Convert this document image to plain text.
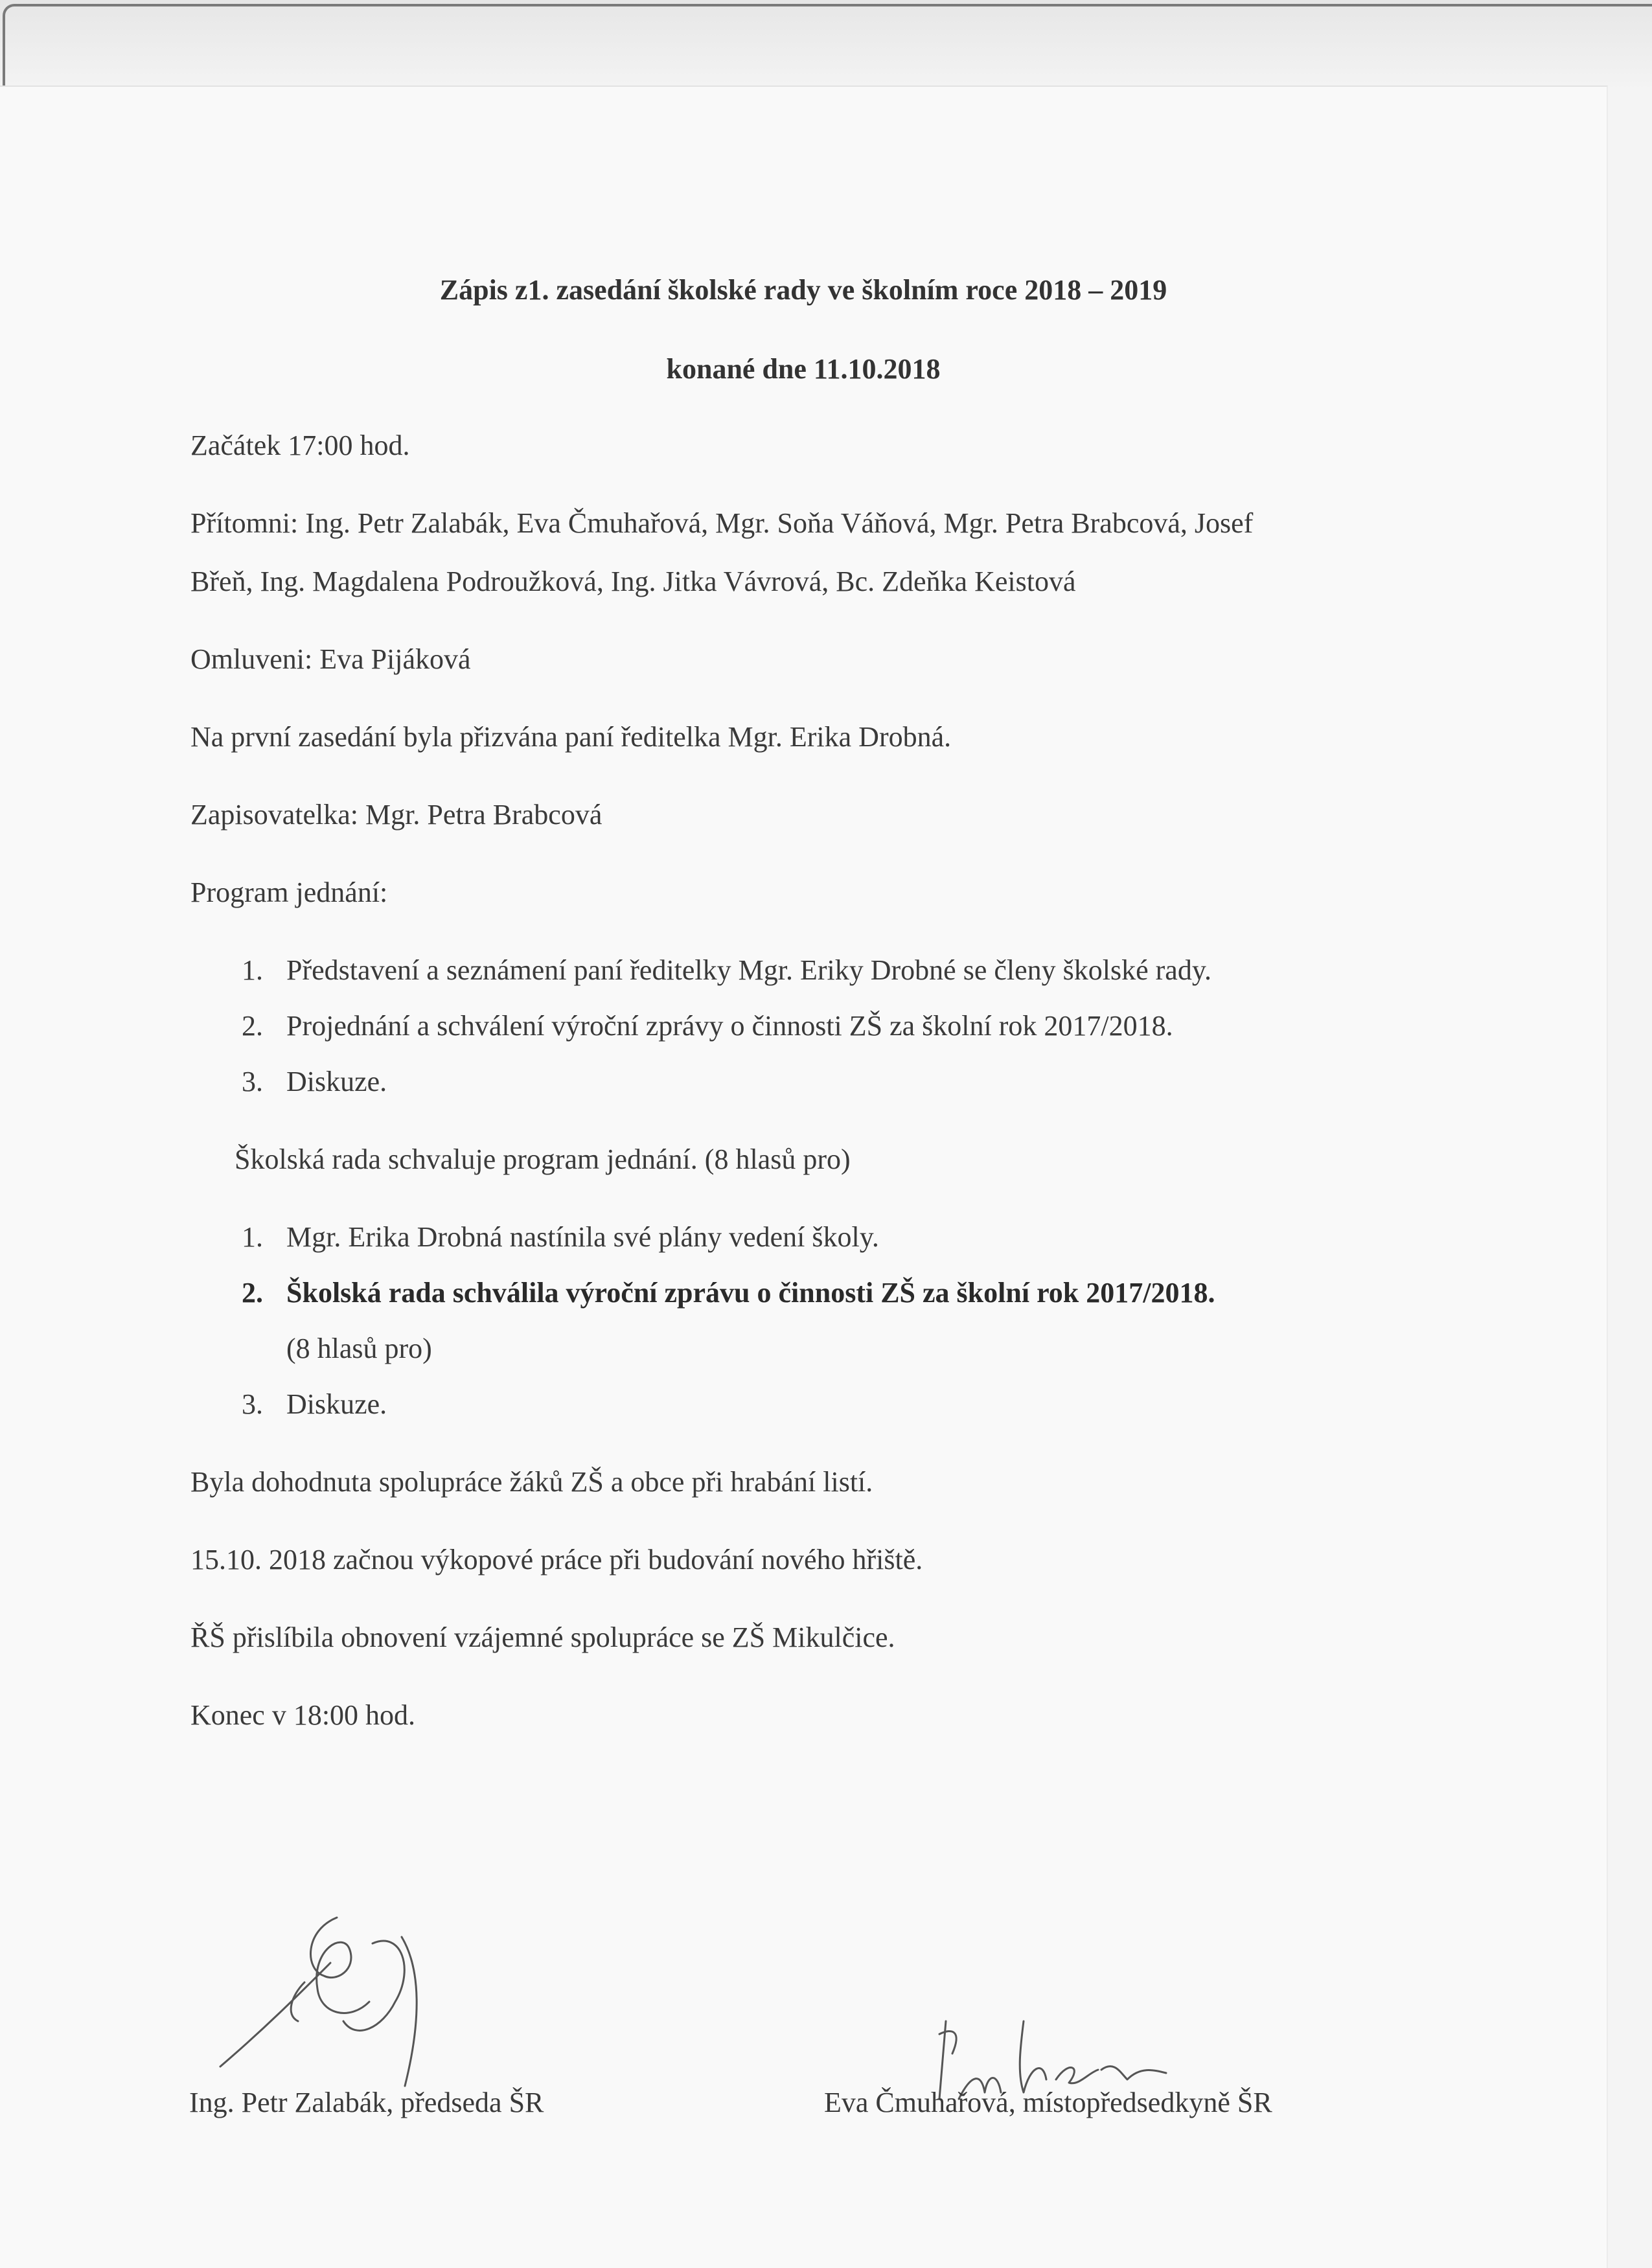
Zápis z1. zasedání školské rady ve školním roce 2018 – 2019
konané dne 11.10.2018
Začátek 17:00 hod.
Přítomni: Ing. Petr Zalabák, Eva Čmuhařová, Mgr. Soňa Váňová, Mgr. Petra Brabcová, Josef
Břeň, Ing. Magdalena Podroužková, Ing. Jitka Vávrová, Bc. Zdeňka Keistová
Omluveni: Eva Pijáková
Na první zasedání byla přizvána paní ředitelka Mgr. Erika Drobná.
Zapisovatelka: Mgr. Petra Brabcová
Program jednání:
1. Představení a seznámení paní ředitelky Mgr. Eriky Drobné se členy školské rady.
2. Projednání a schválení výroční zprávy o činnosti ZŠ za školní rok 2017/2018.
3. Diskuze.
Školská rada schvaluje program jednání. (8 hlasů pro)
1. Mgr. Erika Drobná nastínila své plány vedení školy.
2. Školská rada schválila výroční zprávu o činnosti ZŠ za školní rok 2017/2018.
(8 hlasů pro)
3. Diskuze.
Byla dohodnuta spolupráce žáků ZŠ a obce při hrabání listí.
15.10. 2018 začnou výkopové práce při budování nového hřiště.
ŘŠ přislíbila obnovení vzájemné spolupráce se ZŠ Mikulčice.
Konec v 18:00 hod.
Ing. Petr Zalabák, předseda ŠR	Eva Čmuhařová, místopředsedkyně ŠR
